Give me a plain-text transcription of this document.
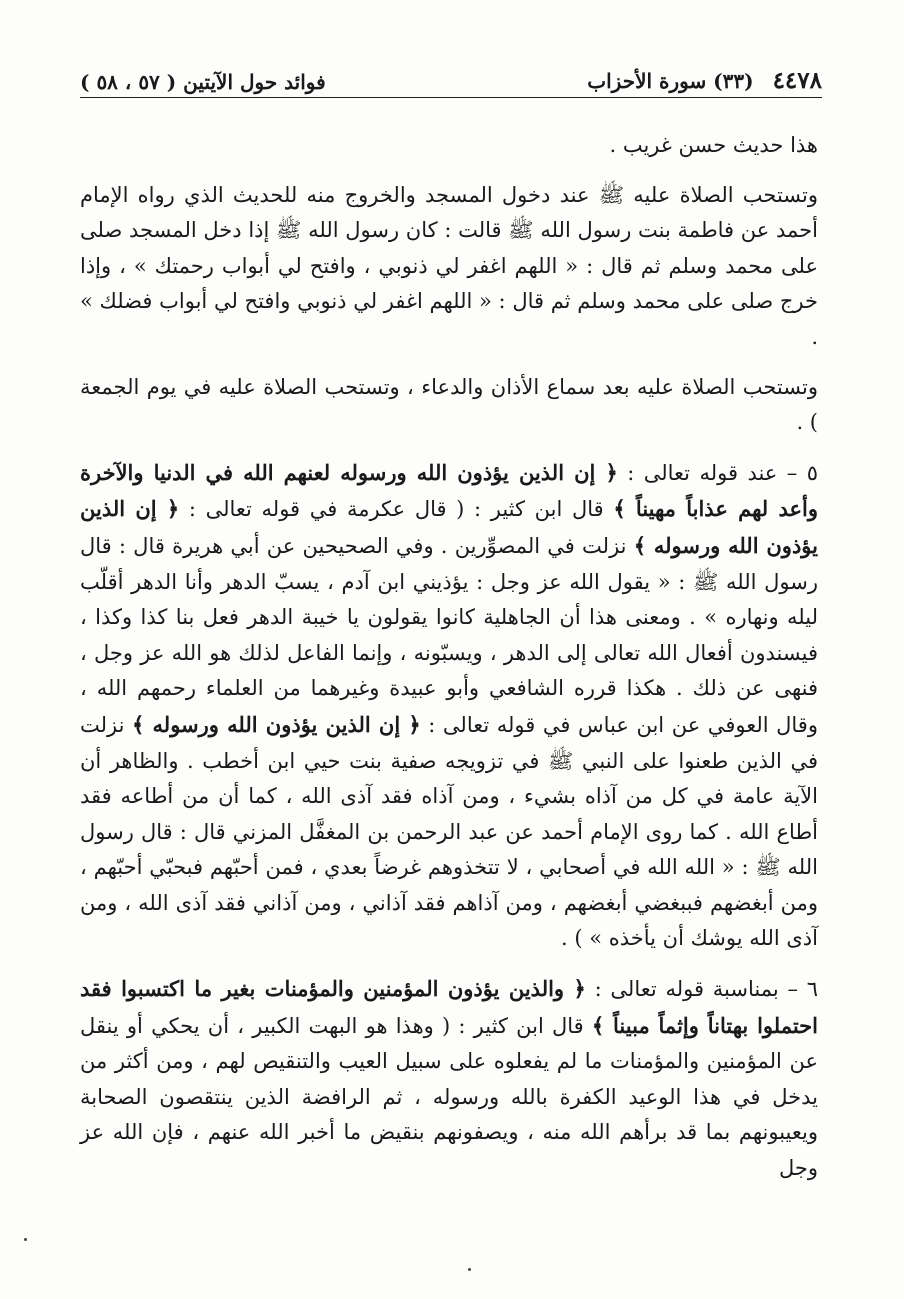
٤٤٧٨ (٣٣) سورة الأحزاب
فوائد حول الآيتين ( ٥٧ ، ٥٨ )

هذا حديث حسن غريب .

وتستحب الصلاة عليه ﷺ عند دخول المسجد والخروج منه للحديث الذي رواه الإمام أحمد عن فاطمة بنت رسول الله ﷺ قالت : كان رسول الله ﷺ إذا دخل المسجد صلى على محمد وسلم ثم قال : « اللهم اغفر لي ذنوبي ، وافتح لي أبواب رحمتك » ، وإذا خرج صلى على محمد وسلم ثم قال : « اللهم اغفر لي ذنوبي وافتح لي أبواب فضلك » .

وتستحب الصلاة عليه بعد سماع الأذان والدعاء ، وتستحب الصلاة عليه في يوم الجمعة ) .

٥ – عند قوله تعالى : ﴿ إن الذين يؤذون الله ورسوله لعنهم الله في الدنيا والآخرة وأعد لهم عذاباً مهيناً ﴾ قال ابن كثير : ( قال عكرمة في قوله تعالى : ﴿ إن الذين يؤذون الله ورسوله ﴾ نزلت في المصوِّرين . وفي الصحيحين عن أبي هريرة قال : قال رسول الله ﷺ : « يقول الله عز وجل : يؤذيني ابن آدم ، يسبّ الدهر وأنا الدهر أقلّب ليله ونهاره » . ومعنى هذا أن الجاهلية كانوا يقولون يا خيبة الدهر فعل بنا كذا وكذا ، فيسندون أفعال الله تعالى إلى الدهر ، ويسبّونه ، وإنما الفاعل لذلك هو الله عز وجل ، فنهى عن ذلك . هكذا قرره الشافعي وأبو عبيدة وغيرهما من العلماء رحمهم الله ، وقال العوفي عن ابن عباس في قوله تعالى : ﴿ إن الذين يؤذون الله ورسوله ﴾ نزلت في الذين طعنوا على النبي ﷺ في تزويجه صفية بنت حيي ابن أخطب . والظاهر أن الآية عامة في كل من آذاه بشيء ، ومن آذاه فقد آذى الله ، كما أن من أطاعه فقد أطاع الله . كما روى الإمام أحمد عن عبد الرحمن بن المغفَّل المزني قال : قال رسول الله ﷺ : « الله الله في أصحابي ، لا تتخذوهم غرضاً بعدي ، فمن أحبّهم فبحبّي أحبّهم ، ومن أبغضهم فببغضي أبغضهم ، ومن آذاهم فقد آذاني ، ومن آذاني فقد آذى الله ، ومن آذى الله يوشك أن يأخذه » ) .

٦ – بمناسبة قوله تعالى : ﴿ والذين يؤذون المؤمنين والمؤمنات بغير ما اكتسبوا فقد احتملوا بهتاناً وإثماً مبيناً ﴾ قال ابن كثير : ( وهذا هو البهت الكبير ، أن يحكي أو ينقل عن المؤمنين والمؤمنات ما لم يفعلوه على سبيل العيب والتنقيص لهم ، ومن أكثر من يدخل في هذا الوعيد الكفرة بالله ورسوله ، ثم الرافضة الذين ينتقصون الصحابة ويعيبونهم بما قد برأهم الله منه ، ويصفونهم بنقيض ما أخبر الله عنهم ، فإن الله عز وجل
